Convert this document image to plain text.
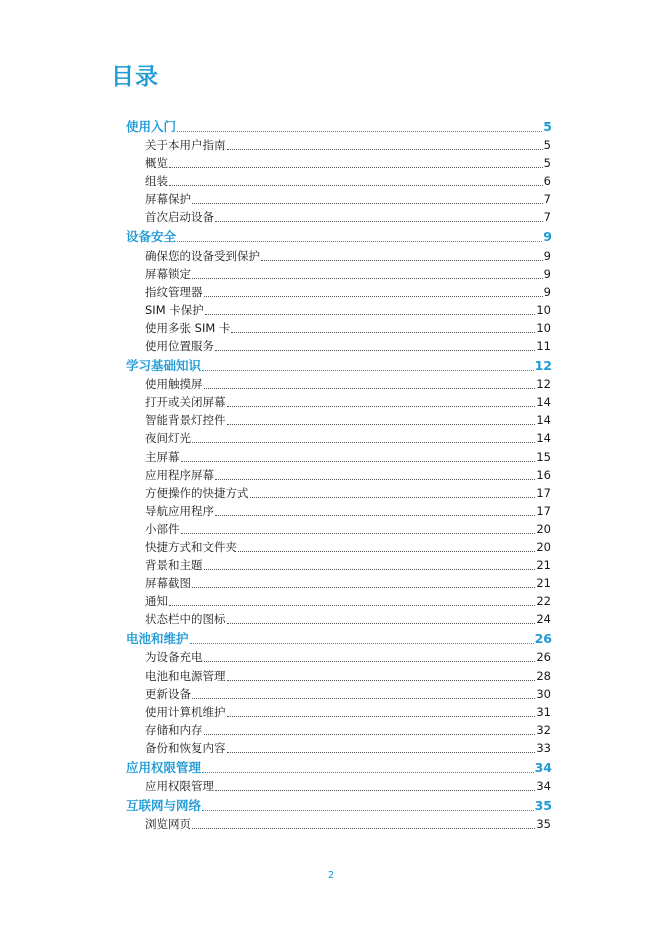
目录
使用入门	5
关于本用户指南	5
概览	5
组装	6
屏幕保护	7
首次启动设备	7
设备安全	9
确保您的设备受到保护	9
屏幕锁定	9
指纹管理器	9
SIM 卡保护	10
使用多张 SIM 卡	10
使用位置服务	11
学习基础知识	12
使用触摸屏	12
打开或关闭屏幕	14
智能背景灯控件	14
夜间灯光	14
主屏幕	15
应用程序屏幕	16
方便操作的快捷方式	17
导航应用程序	17
小部件	20
快捷方式和文件夹	20
背景和主题	21
屏幕截图	21
通知	22
状态栏中的图标	24
电池和维护	26
为设备充电	26
电池和电源管理	28
更新设备	30
使用计算机维护	31
存储和内存	32
备份和恢复内容	33
应用权限管理	34
应用权限管理	34
互联网与网络	35
浏览网页	35
2
